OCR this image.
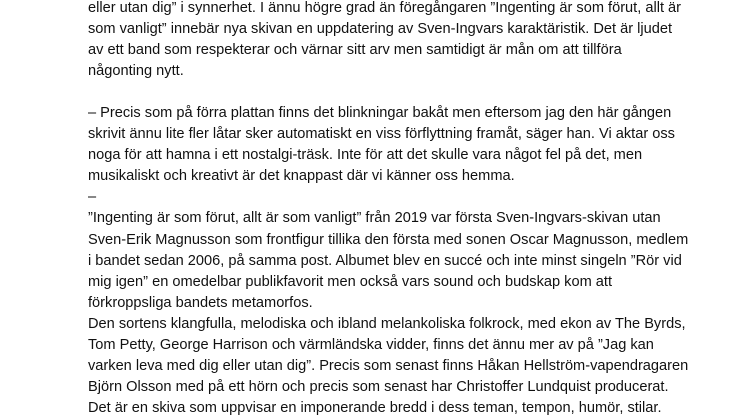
eller utan dig” i synnerhet. I ännu högre grad än föregångaren ”Ingenting är som förut, allt är
som vanligt” innebär nya skivan en uppdatering av Sven-Ingvars karaktäristik. Det är ljudet
av ett band som respekterar och värnar sitt arv men samtidigt är mån om att tillföra
någonting nytt.
– Precis som på förra plattan finns det blinkningar bakåt men eftersom jag den här gången
skrivit ännu lite fler låtar sker automatiskt en viss förflyttning framåt, säger han. Vi aktar oss
noga för att hamna i ett nostalgi-träsk. Inte för att det skulle vara något fel på det, men
musikaliskt och kreativt är det knappast där vi känner oss hemma.
–
”Ingenting är som förut, allt är som vanligt” från 2019 var första Sven-Ingvars-skivan utan
Sven-Erik Magnusson som frontfigur tillika den första med sonen Oscar Magnusson, medlem
i bandet sedan 2006, på samma post. Albumet blev en succé och inte minst singeln ”Rör vid
mig igen” en omedelbar publikfavorit men också vars sound och budskap kom att
förkroppsliga bandets metamorfos.
Den sortens klangfulla, melodiska och ibland melankoliska folkrock, med ekon av The Byrds,
Tom Petty, George Harrison och värmländska vidder, finns det ännu mer av på ”Jag kan
varken leva med dig eller utan dig”. Precis som senast finns Håkan Hellström-vapendragaren
Björn Olsson med på ett hörn och precis som senast har Christoffer Lundquist producerat.
Det är en skiva som uppvisar en imponerande bredd i dess teman, tempon, humör, stilar.
